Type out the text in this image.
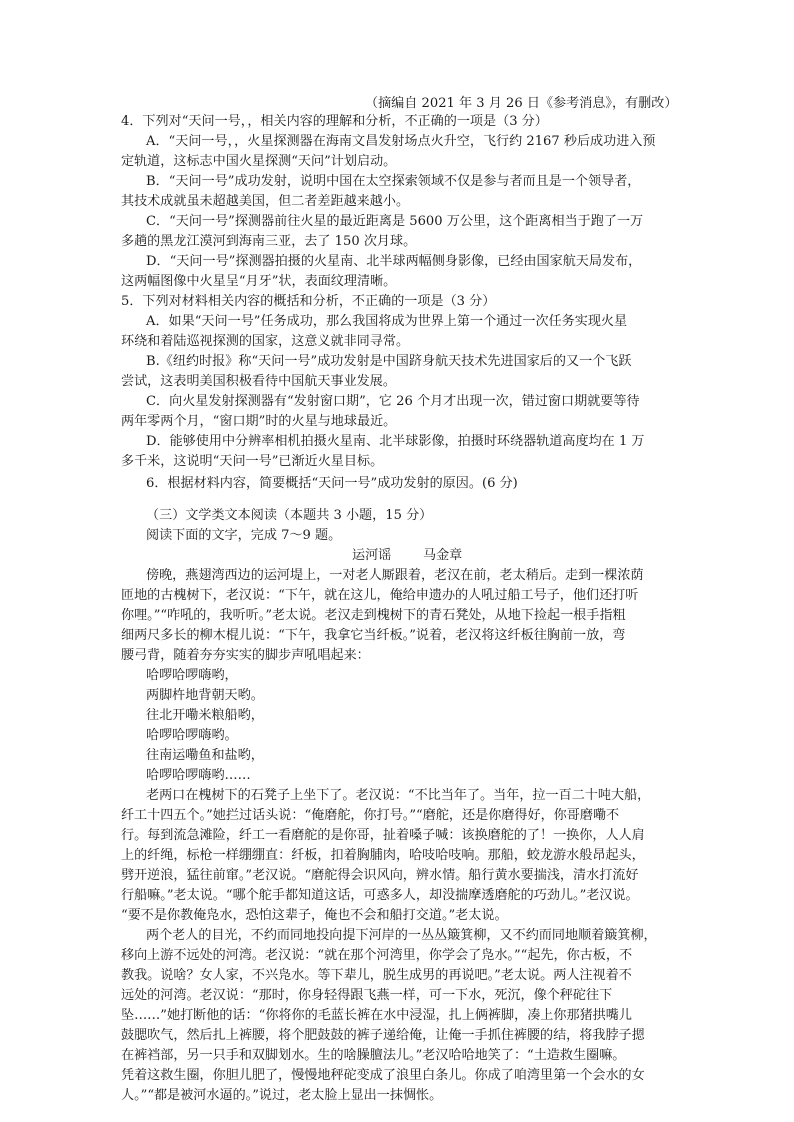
（摘编自 2021 年 3 月 26 日《参考消息》，有删改）
4．下列对“天问一号，，相关内容的理解和分析，不正确的一项是（3 分）
A．“天问一号，，火星探测器在海南文昌发射场点火升空，飞行约 2167 秒后成功进入预
定轨道，这标志中国火星探测“天问”计划启动。
B．“天问一号”成功发射，说明中国在太空探索领域不仅是参与者而且是一个领导者，
其技术成就虽未超越美国，但二者差距越来越小。
C．“天问一号”探测器前往火星的最近距离是 5600 万公里，这个距离相当于跑了一万
多趟的黑龙江漠河到海南三亚，去了 150 次月球。
D．“天问一号”探测器拍摄的火星南、北半球两幅侧身影像，已经由国家航天局发布，
这两幅图像中火星呈“月牙”状，表面纹理清晰。
5．下列对材料相关内容的概括和分析，不正确的一项是（3 分）
A．如果“天问一号”任务成功，那么我国将成为世界上第一个通过一次任务实现火星
环绕和着陆巡视探测的国家，这意义就非同寻常。
B.《纽约时报》称“天问一号”成功发射是中国跻身航天技术先进国家后的又一个飞跃
尝试，这表明美国积极看待中国航天事业发展。
C．向火星发射探测器有“发射窗口期”，它 26 个月才出现一次，错过窗口期就要等待
两年零两个月，“窗口期”时的火星与地球最近。
D．能够使用中分辨率相机拍摄火星南、北半球影像，拍摄时环绕器轨道高度均在 1 万
多千米，这说明“天问一号”已渐近火星目标。
6．根据材料内容，简要概括“天问一号”成功发射的原因。(6 分)
（三）文学类文本阅读（本题共 3 小题，15 分）
阅读下面的文字，完成 7～9 题。
运河谣 马金章
傍晚，燕翅湾西边的运河堤上，一对老人厮跟着，老汉在前，老太稍后。走到一棵浓荫
匝地的古槐树下，老汉说：“下午，就在这儿，俺给申遗办的人吼过船工号子，他们还打听
你哩。”“咋吼的，我听听。”老太说。老汉走到槐树下的青石凳处，从地下捡起一根手指粗
细两尺多长的柳木棍儿说：“下午，我拿它当纤板。”说着，老汉将这纤板往胸前一放，弯
腰弓背，随着夯夯实实的脚步声吼唱起来：
哈啰哈啰嗨哟，
两脚杵地背朝天哟。
往北开嘞米粮船哟，
哈啰哈啰嗨哟。
往南运嘞鱼和盐哟，
哈啰哈啰嗨哟……
老两口在槐树下的石凳子上坐下了。老汉说：“不比当年了。当年，拉一百二十吨大船，
纤工十四五个。”她拦过话头说：“俺磨舵，你打号。”“磨舵，还是你磨得好，你哥磨嘞不
行。每到流急滩险，纤工一看磨舵的是你哥，扯着嗓子喊：该换磨舵的了！一换你，人人肩
上的纤绳，标枪一样绷绷直：纤板，扣着胸脯肉，哈吱哈吱响。那船，蛟龙游水般昂起头，
劈开逆浪，猛往前窜。”老汉说。“磨舵得会识风向，辨水情。船行黄水要揣浅，清水打流好
行船嘛。”老太说。“哪个舵手都知道这话，可惑多人，却没揣摩透磨舵的巧劲儿。”老汉说。
“要不是你教俺凫水，恐怕这辈子，俺也不会和船打交道。”老太说。
两个老人的目光，不约而同地投向提下河岸的一丛丛簸箕柳，又不约而同地顺着簸箕柳，
移向上游不远处的河湾。老汉说：“就在那个河湾里，你学会了凫水。”“起先，你古板，不
教我。说啥？女人家，不兴凫水。等下辈儿，脱生成男的再说吧。”老太说。两人注视着不
远处的河湾。老汉说：“那时，你身轻得跟飞燕一样，可一下水，死沉，像个秤砣往下
坠……”她打断他的话：“你将你的毛蓝长裤在水中浸湿，扎上俩裤脚，凑上你那猪拱嘴儿
鼓腮吹气，然后扎上裤腰，将个肥鼓鼓的裤子递给俺，让俺一手抓住裤腰的结，将我脖子摁
在裤裆部，另一只手和双脚划水。生的啥臊膻法儿。”老汉哈哈地笑了：“土造救生圈嘛。
凭着这救生圈，你胆儿肥了，慢慢地秤砣变成了浪里白条儿。你成了咱湾里第一个会水的女
人。”“都是被河水逼的。”说过，老太脸上显出一抹惆怅。
